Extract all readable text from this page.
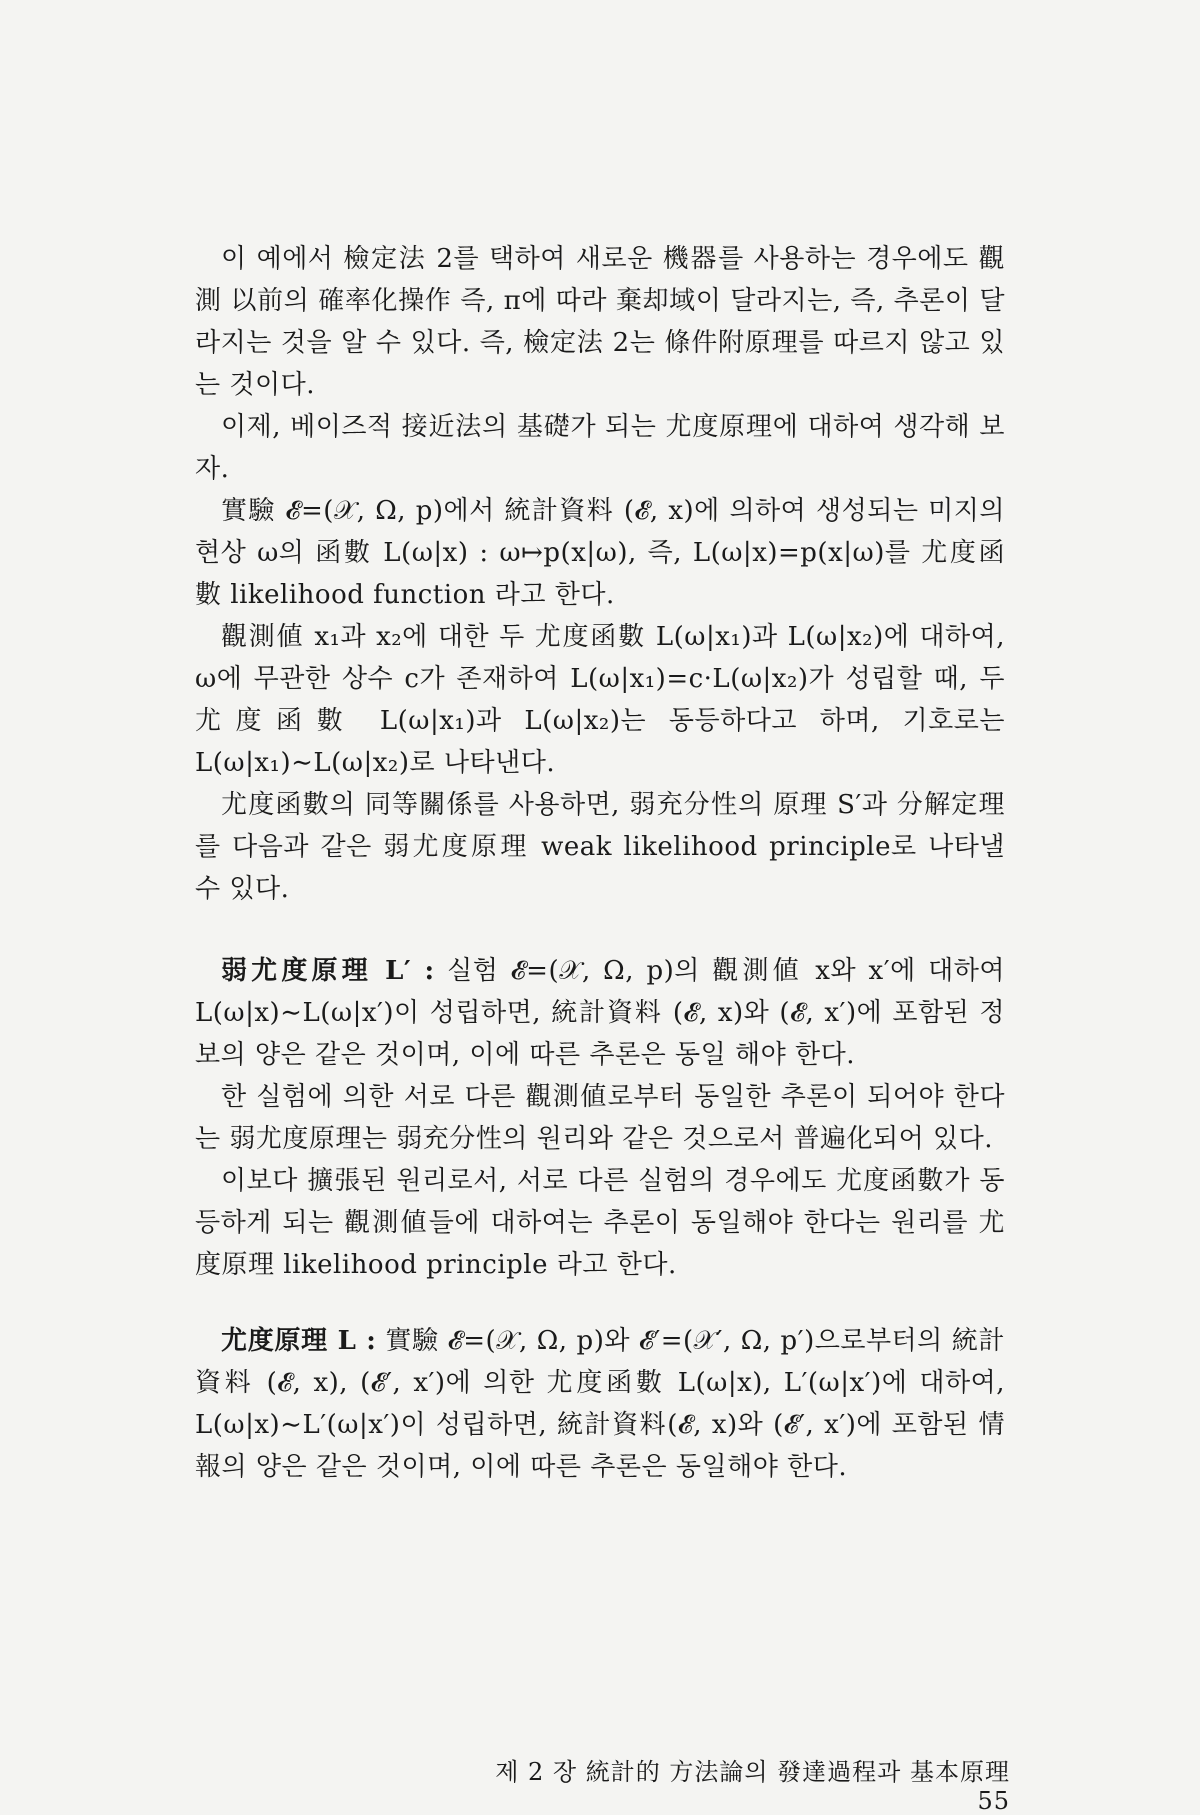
이 예에서 檢定法 2를 택하여 새로운 機器를 사용하는 경우에도 觀測 以前의 確率化操作 즉, π에 따라 棄却域이 달라지는, 즉, 추론이 달라지는 것을 알 수 있다. 즉, 檢定法 2는 條件附原理를 따르지 않고 있는 것이다.

이제, 베이즈적 接近法의 基礎가 되는 尤度原理에 대하여 생각해 보자.

實驗 𝓔=(𝒳, Ω, p)에서 統計資料 (𝓔, x)에 의하여 생성되는 미지의 현상 ω의 函數 L(ω|x) : ω↦p(x|ω), 즉, L(ω|x)=p(x|ω)를 尤度函數 likelihood function 라고 한다.

觀測値 x₁과 x₂에 대한 두 尤度函數 L(ω|x₁)과 L(ω|x₂)에 대하여, ω에 무관한 상수 c가 존재하여 L(ω|x₁)=c·L(ω|x₂)가 성립할 때, 두 尤度函數 L(ω|x₁)과 L(ω|x₂)는 동등하다고 하며, 기호로는 L(ω|x₁)∼L(ω|x₂)로 나타낸다.

尤度函數의 同等關係를 사용하면, 弱充分性의 原理 S′과 分解定理를 다음과 같은 弱尤度原理 weak likelihood principle로 나타낼 수 있다.

弱尤度原理 L′ : 실험 𝓔=(𝒳, Ω, p)의 觀測値 x와 x′에 대하여 L(ω|x)∼L(ω|x′)이 성립하면, 統計資料 (𝓔, x)와 (𝓔, x′)에 포함된 정보의 양은 같은 것이며, 이에 따른 추론은 동일 해야 한다.

한 실험에 의한 서로 다른 觀測値로부터 동일한 추론이 되어야 한다는 弱尤度原理는 弱充分性의 원리와 같은 것으로서 普遍化되어 있다.

이보다 擴張된 원리로서, 서로 다른 실험의 경우에도 尤度函數가 동등하게 되는 觀測値들에 대하여는 추론이 동일해야 한다는 원리를 尤度原理 likelihood principle 라고 한다.

尤度原理 L : 實驗 𝓔=(𝒳, Ω, p)와 𝓔′=(𝒳′, Ω, p′)으로부터의 統計資料 (𝓔, x), (𝓔′, x′)에 의한 尤度函數 L(ω|x), L′(ω|x′)에 대하여, L(ω|x)∼L′(ω|x′)이 성립하면, 統計資料(𝓔, x)와 (𝓔′, x′)에 포함된 情報의 양은 같은 것이며, 이에 따른 추론은 동일해야 한다.

제 2 장 統計的 方法論의 發達過程과 基本原理   55
